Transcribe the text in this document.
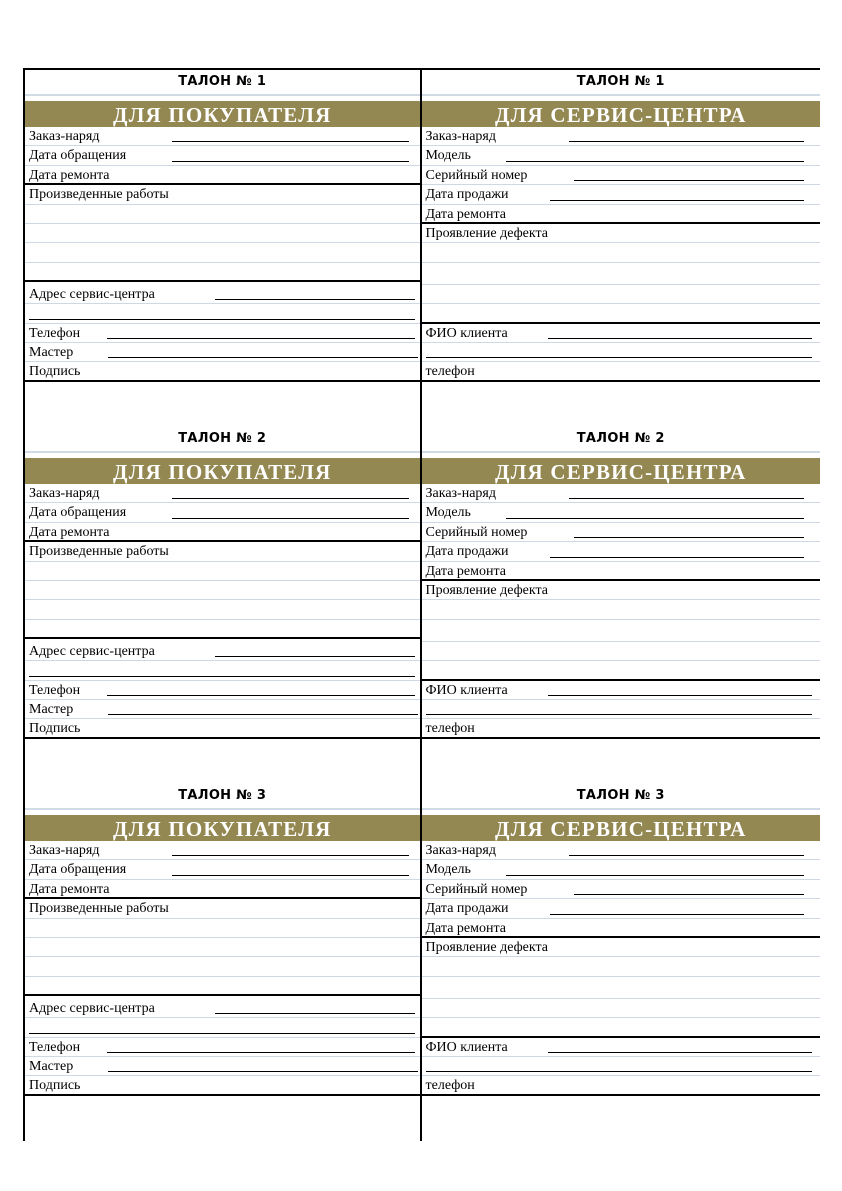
ТАЛОН № 1
ДЛЯ ПОКУПАТЕЛЯ
Заказ-наряд
Дата обращения
Дата ремонта
Произведенные работы
Адрес сервис-центра
Телефон
Мастер
Подпись
ТАЛОН № 2
ДЛЯ ПОКУПАТЕЛЯ
Заказ-наряд
Дата обращения
Дата ремонта
Произведенные работы
Адрес сервис-центра
Телефон
Мастер
Подпись
ТАЛОН № 3
ДЛЯ ПОКУПАТЕЛЯ
Заказ-наряд
Дата обращения
Дата ремонта
Произведенные работы
Адрес сервис-центра
Телефон
Мастер
Подпись
ТАЛОН № 1
ДЛЯ СЕРВИС-ЦЕНТРА
Заказ-наряд
Модель
Серийный номер
Дата продажи
Дата ремонта
Проявление дефекта
ФИО клиента
телефон
ТАЛОН № 2
ДЛЯ СЕРВИС-ЦЕНТРА
Заказ-наряд
Модель
Серийный номер
Дата продажи
Дата ремонта
Проявление дефекта
ФИО клиента
телефон
ТАЛОН № 3
ДЛЯ СЕРВИС-ЦЕНТРА
Заказ-наряд
Модель
Серийный номер
Дата продажи
Дата ремонта
Проявление дефекта
ФИО клиента
телефон
